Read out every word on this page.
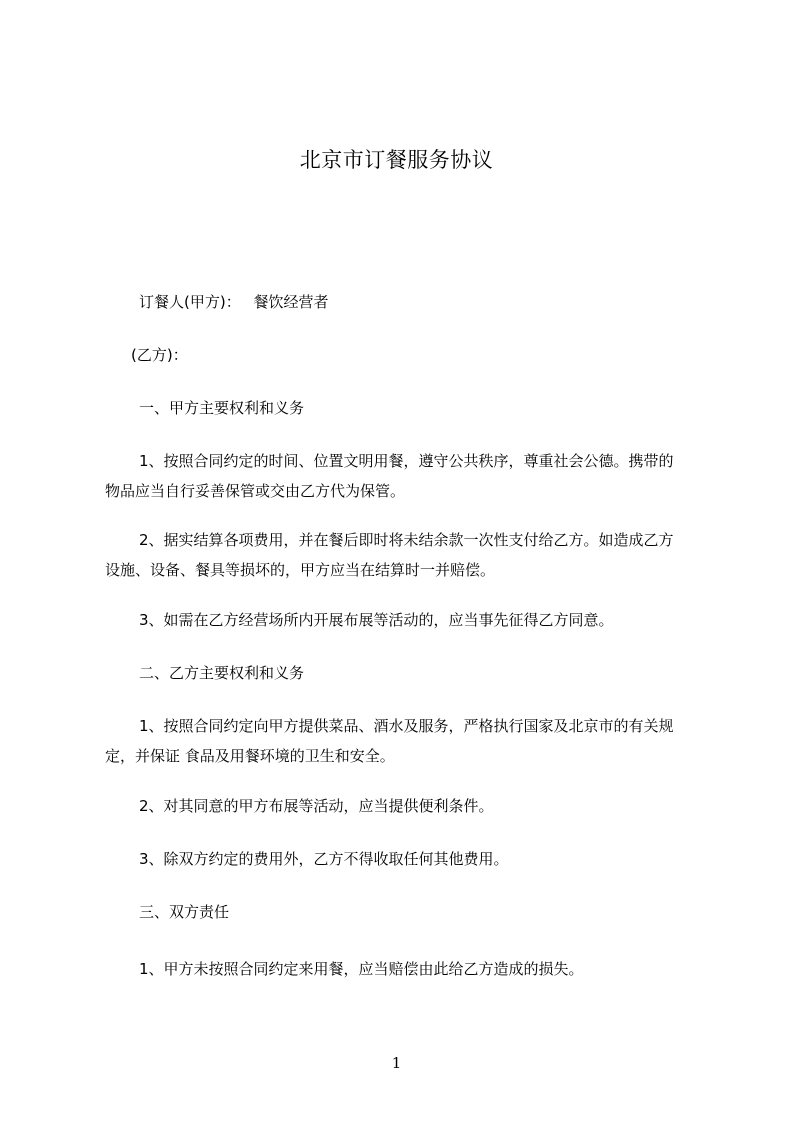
北京市订餐服务协议
订餐人(甲方)： 餐饮经营者
(乙方)：
一、甲方主要权利和义务
1、按照合同约定的时间、位置文明用餐，遵守公共秩序，尊重社会公德。携带的
物品应当自行妥善保管或交由乙方代为保管。
2、据实结算各项费用，并在餐后即时将未结余款一次性支付给乙方。如造成乙方
设施、设备、餐具等损坏的，甲方应当在结算时一并赔偿。
3、如需在乙方经营场所内开展布展等活动的，应当事先征得乙方同意。
二、乙方主要权利和义务
1、按照合同约定向甲方提供菜品、酒水及服务，严格执行国家及北京市的有关规
定，并保证 食品及用餐环境的卫生和安全。
2、对其同意的甲方布展等活动，应当提供便利条件。
3、除双方约定的费用外，乙方不得收取任何其他费用。
三、双方责任
1、甲方未按照合同约定来用餐，应当赔偿由此给乙方造成的损失。
1
